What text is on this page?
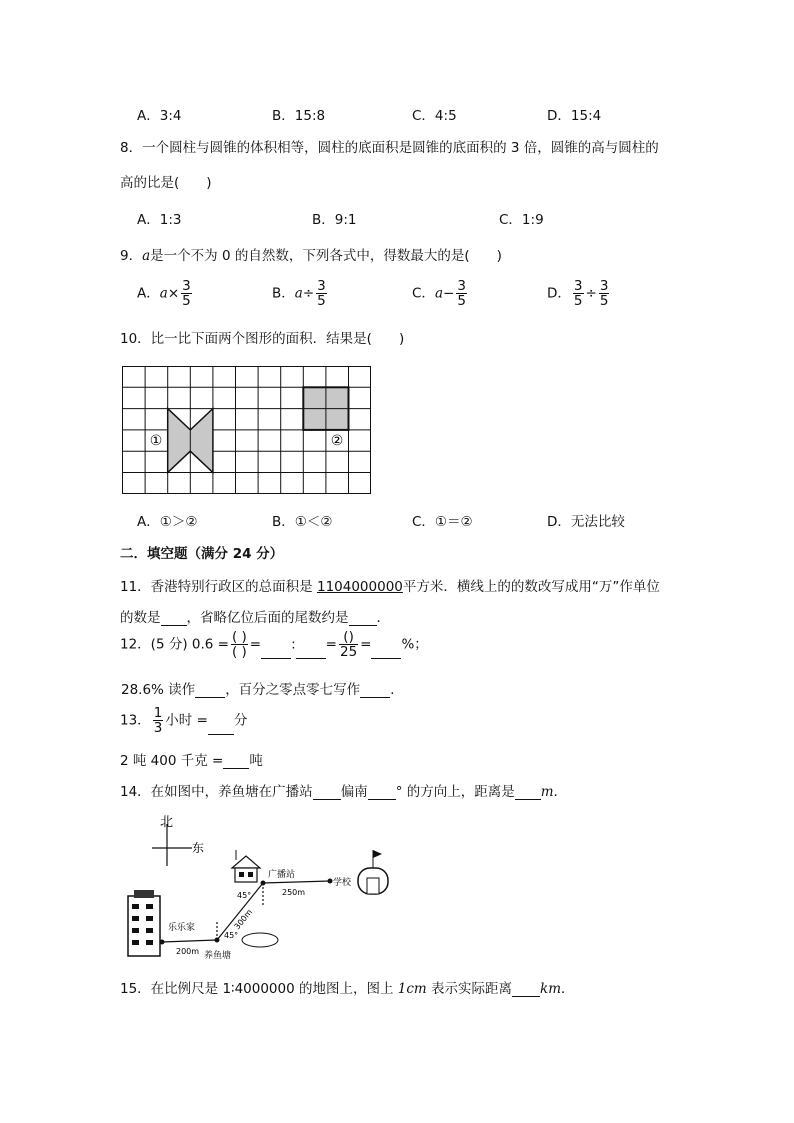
A．3:4	B．15:8	C．4:5	D．15:4
8．一个圆柱与圆锥的体积相等，圆柱的底面积是圆锥的底面积的 3 倍，圆锥的高与圆柱的
高的比是(　　)
A．1:3	B．9:1	C．1:9
9．a是一个不为 0 的自然数，下列各式中，得数最大的是(　　)
A．$a\times \frac{3}{5}$	B．$a\div \frac{3}{5}$	C．$a- \frac{3}{5}$	D． $\frac{3}{5} \div \frac{3}{5}$
10．比一比下面两个图形的面积．结果是(　　)
①	②
A．①＞②	B．①＜②	C．①＝②	D．无法比较
二．填空题（满分 24 分）
11．香港特别行政区的总面积是 1104000000平方米．横线上的的数改写成用“万”作单位
的数是 ，省略亿位后面的尾数约是 ．
12．(5 分) 0.6 = ( )
( ) = : = ()
25 = %；
28.6% 读作 ，百分之零点零七写作 ．
13． $\frac{1}{3}$ 小时 = 分
2 吨 400 千克 = 吨
14．在如图中，养鱼塘在广播站 偏南 ° 的方向上，距离是 m．
北
东
广播站
学校
乐乐家
养鱼塘
250m
300m
200m
45°
45°
15．在比例尺是 1∶4000000 的地图上，图上 1cm 表示实际距离 km．
